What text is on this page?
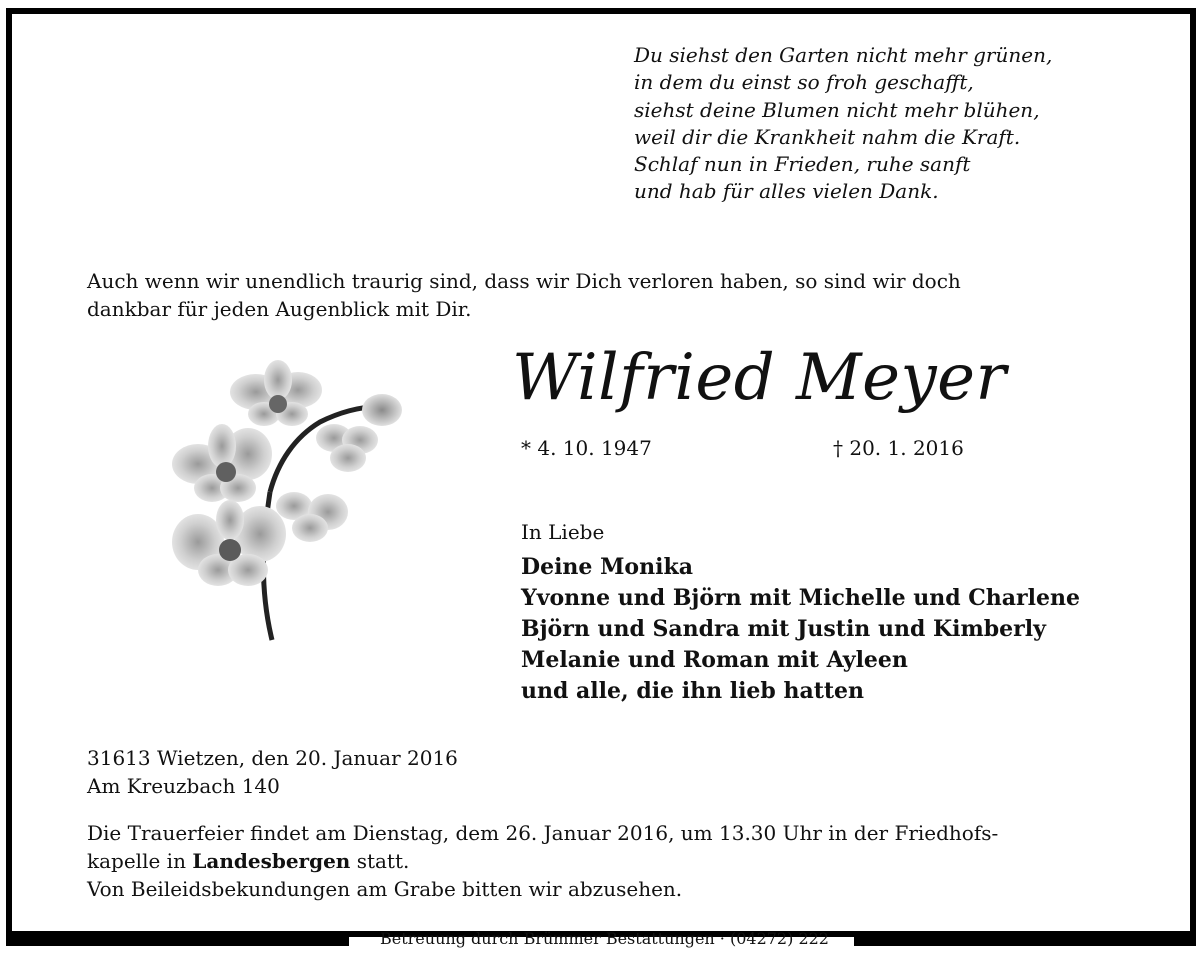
Du siehst den Garten nicht mehr grünen,
in dem du einst so froh geschafft,
siehst deine Blumen nicht mehr blühen,
weil dir die Krankheit nahm die Kraft.
Schlaf nun in Frieden, ruhe sanft
und hab für alles vielen Dank.
Auch wenn wir unendlich traurig sind, dass wir Dich verloren haben, so sind wir doch
dankbar für jeden Augenblick mit Dir.
Wilfried Meyer
* 4. 10. 1947	† 20. 1. 2016
In Liebe
Deine Monika
Yvonne und Björn mit Michelle und Charlene
Björn und Sandra mit Justin und Kimberly
Melanie und Roman mit Ayleen
und alle, die ihn lieb hatten
31613 Wietzen, den 20. Januar 2016
Am Kreuzbach 140
Die Trauerfeier findet am Dienstag, dem 26. Januar 2016, um 13.30 Uhr in der Friedhofs-
kapelle in Landesbergen statt.
Von Beileidsbekundungen am Grabe bitten wir abzusehen.
Betreuung durch Brümmer Bestattungen · (04272) 222
